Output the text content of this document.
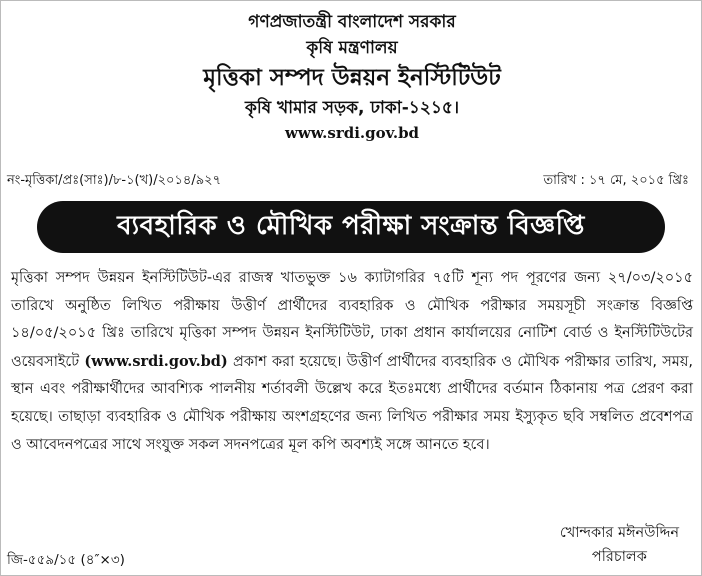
গণপ্রজাতন্ত্রী বাংলাদেশ সরকার
কৃষি মন্ত্রণালয়
মৃত্তিকা সম্পদ উন্নয়ন ইনস্টিটিউট
কৃষি খামার সড়ক, ঢাকা-১২১৫।
www.srdi.gov.bd
নং-মৃত্তিকা/প্রঃ(সাঃ)/৮-১(খ)/২০১৪/৯২৭	তারিখ : ১৭ মে, ২০১৫ খ্রিঃ
ব্যবহারিক ও মৌখিক পরীক্ষা সংক্রান্ত বিজ্ঞপ্তি
মৃত্তিকা সম্পদ উন্নয়ন ইনস্টিটিউট-এর রাজস্ব খাতভুক্ত ১৬ ক্যাটাগরির ৭৫টি শূন্য পদ পূরণের জন্য ২৭/০৩/২০১৫ তারিখে অনুষ্ঠিত লিখিত পরীক্ষায় উত্তীর্ণ প্রার্থীদের ব্যবহারিক ও মৌখিক পরীক্ষার সময়সূচী সংক্রান্ত বিজ্ঞপ্তি ১৪/০৫/২০১৫ খ্রিঃ তারিখে মৃত্তিকা সম্পদ উন্নয়ন ইনস্টিটিউট, ঢাকা প্রধান কার্যালয়ের নোটিশ বোর্ড ও ইনস্টিটিউটের ওয়েবসাইটে (www.srdi.gov.bd) প্রকাশ করা হয়েছে। উত্তীর্ণ প্রার্থীদের ব্যবহারিক ও মৌখিক পরীক্ষার তারিখ, সময়, স্থান এবং পরীক্ষার্থীদের আবশ্যিক পালনীয় শর্তাবলী উল্লেখ করে ইতঃমধ্যে প্রার্থীদের বর্তমান ঠিকানায় পত্র প্রেরণ করা হয়েছে। তাছাড়া ব্যবহারিক ও মৌখিক পরীক্ষায় অংশগ্রহণের জন্য লিখিত পরীক্ষার সময় ইস্যুকৃত ছবি সম্বলিত প্রবেশপত্র ও আবেদনপত্রের সাথে সংযুক্ত সকল সদনপত্রের মূল কপি অবশ্যই সঙ্গে আনতে হবে।
খোন্দকার মঈনউদ্দিন
পরিচালক
জি-৫৫৯/১৫ (৪″×৩)
